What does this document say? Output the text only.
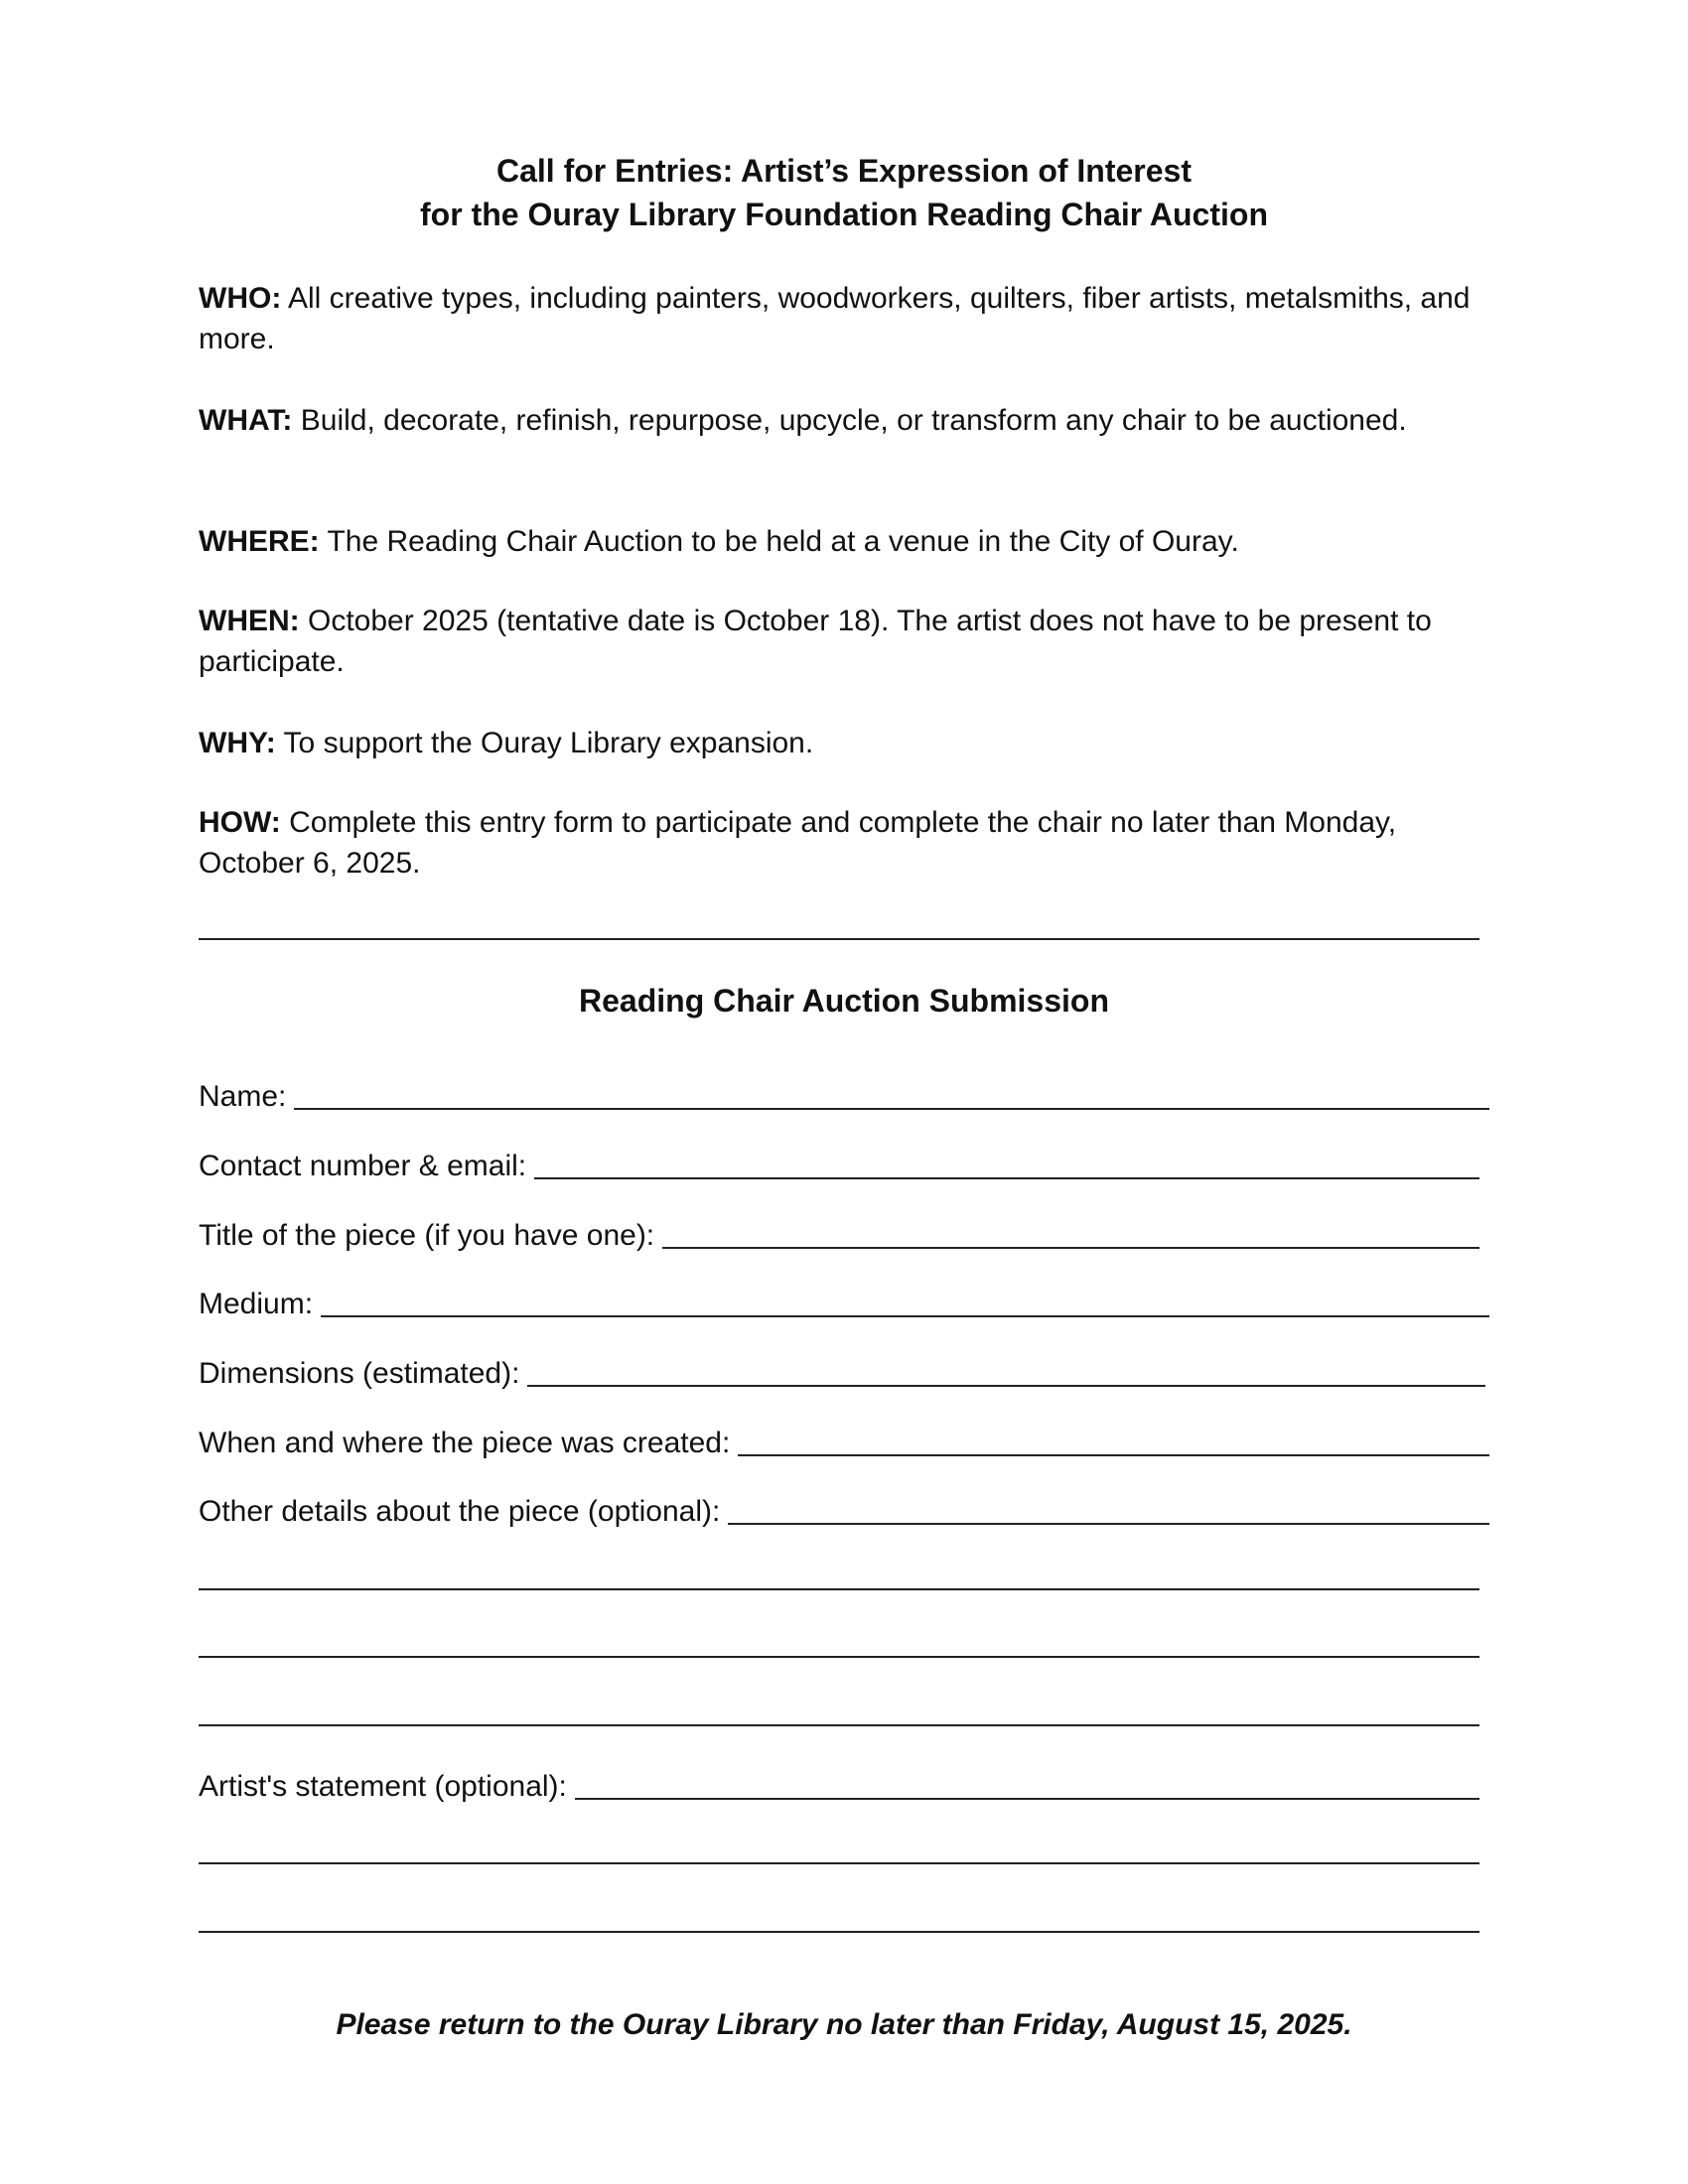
Call for Entries: Artist’s Expression of Interest
for the Ouray Library Foundation Reading Chair Auction
WHO: All creative types, including painters, woodworkers, quilters, fiber artists, metalsmiths, and more.
WHAT: Build, decorate, refinish, repurpose, upcycle, or transform any chair to be auctioned.
WHERE: The Reading Chair Auction to be held at a venue in the City of Ouray.
WHEN: October 2025 (tentative date is October 18). The artist does not have to be present to participate.
WHY: To support the Ouray Library expansion.
HOW: Complete this entry form to participate and complete the chair no later than Monday, October 6, 2025.
Reading Chair Auction Submission
Name:
Contact number & email:
Title of the piece (if you have one):
Medium:
Dimensions (estimated):
When and where the piece was created:
Other details about the piece (optional):
Artist's statement (optional):
Please return to the Ouray Library no later than Friday, August 15, 2025.
